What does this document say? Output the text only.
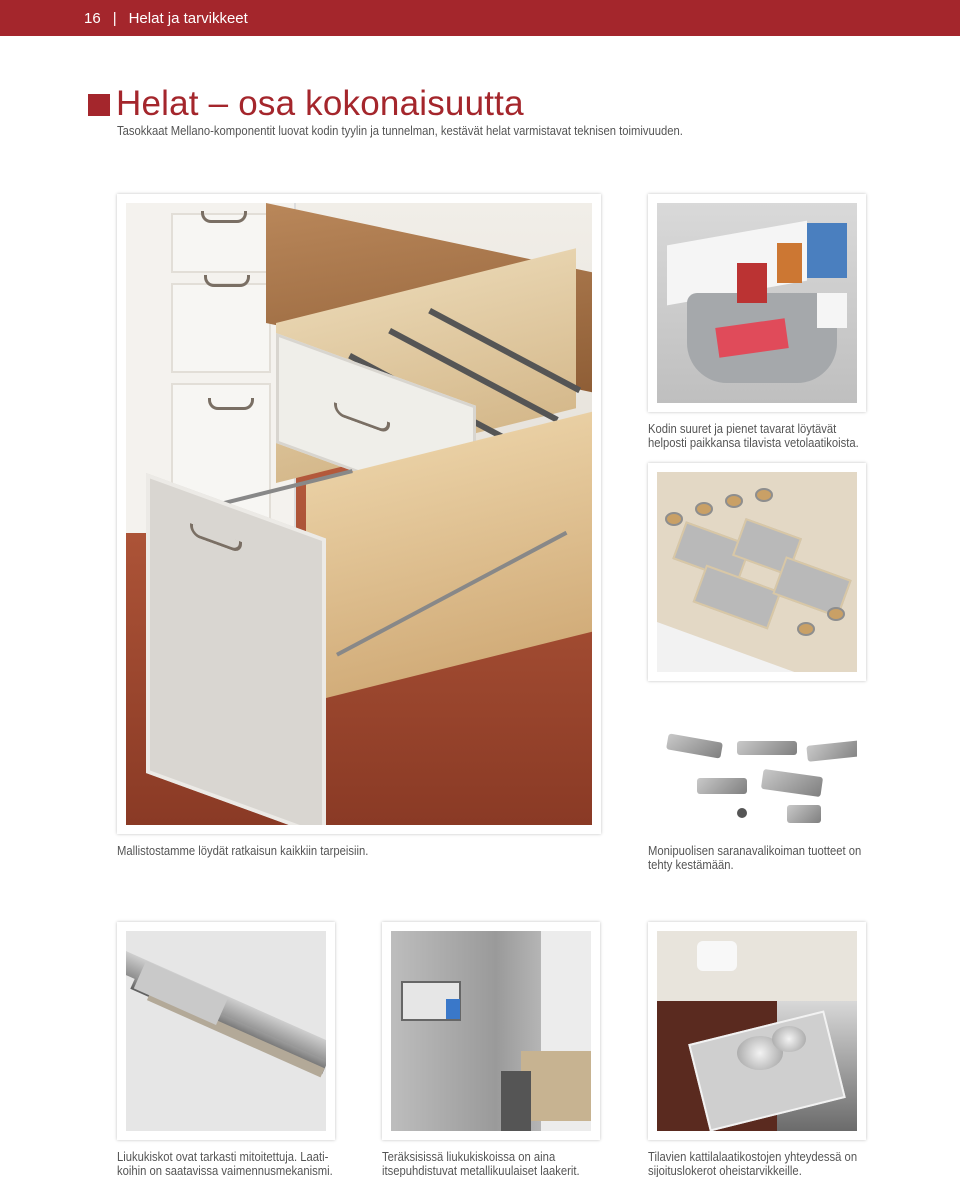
16 | Helat ja tarvikkeet
Helat – osa kokonaisuutta
Tasokkaat Mellano-komponentit luovat kodin tyylin ja tunnelman, kestävät helat varmistavat teknisen toimivuuden.
Mallistostamme löydät ratkaisun kaikkiin tarpeisiin.
Kodin suuret ja pienet tavarat löytävät
helposti paikkansa tilavista vetolaatikoista.
Monipuolisen saranavalikoiman tuotteet on
tehty kestämään.
Liukukiskot ovat tarkasti mitoitettuja. Laati-
koihin on saatavissa vaimennusmekanismi.
Teräksisissä liukukiskoissa on aina
itsepuhdistuvat metallikuulaiset laakerit.
Tilavien kattilalaatikostojen yhteydessä on
sijoituslokerot oheistarvikkeille.
